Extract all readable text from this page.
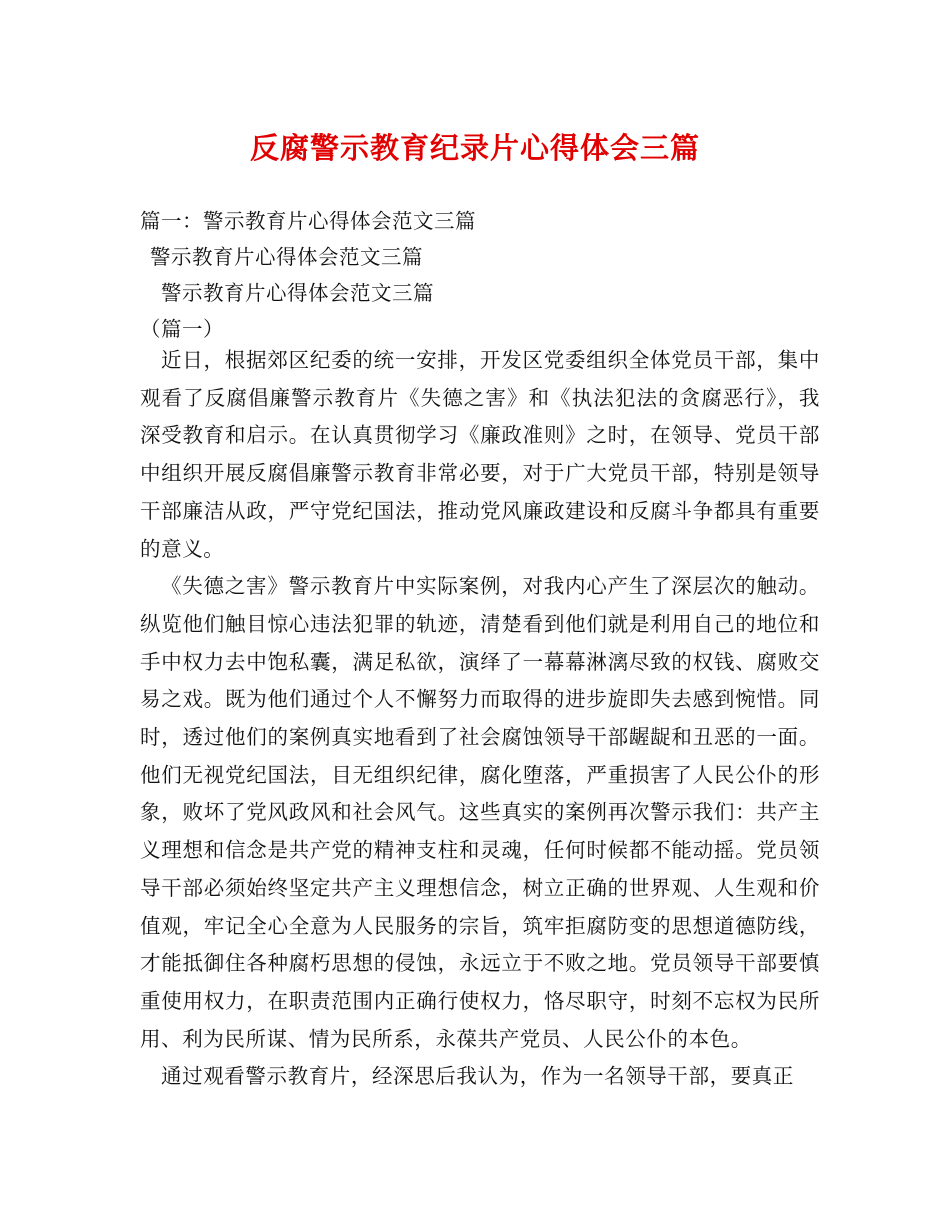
反腐警示教育纪录片心得体会三篇
篇一：警示教育片心得体会范文三篇
警示教育片心得体会范文三篇
警示教育片心得体会范文三篇
（篇一）

近日，根据郊区纪委的统一安排，开发区党委组织全体党员干部，集中观看了反腐倡廉警示教育片《失德之害》和《执法犯法的贪腐恶行》，我深受教育和启示。在认真贯彻学习《廉政准则》之时，在领导、党员干部中组织开展反腐倡廉警示教育非常必要，对于广大党员干部，特别是领导干部廉洁从政，严守党纪国法，推动党风廉政建设和反腐斗争都具有重要的意义。

《失德之害》警示教育片中实际案例，对我内心产生了深层次的触动。纵览他们触目惊心违法犯罪的轨迹，清楚看到他们就是利用自己的地位和手中权力去中饱私囊，满足私欲，演绎了一幕幕淋漓尽致的权钱、腐败交易之戏。既为他们通过个人不懈努力而取得的进步旋即失去感到惋惜。同时，透过他们的案例真实地看到了社会腐蚀领导干部龌龊和丑恶的一面。他们无视党纪国法，目无组织纪律，腐化堕落，严重损害了人民公仆的形象，败坏了党风政风和社会风气。这些真实的案例再次警示我们：共产主义理想和信念是共产党的精神支柱和灵魂，任何时候都不能动摇。党员领导干部必须始终坚定共产主义理想信念，树立正确的世界观、人生观和价值观，牢记全心全意为人民服务的宗旨，筑牢拒腐防变的思想道德防线，才能抵御住各种腐朽思想的侵蚀，永远立于不败之地。党员领导干部要慎重使用权力，在职责范围内正确行使权力，恪尽职守，时刻不忘权为民所用、利为民所谋、情为民所系，永葆共产党员、人民公仆的本色。

通过观看警示教育片，经深思后我认为，作为一名领导干部，要真正
